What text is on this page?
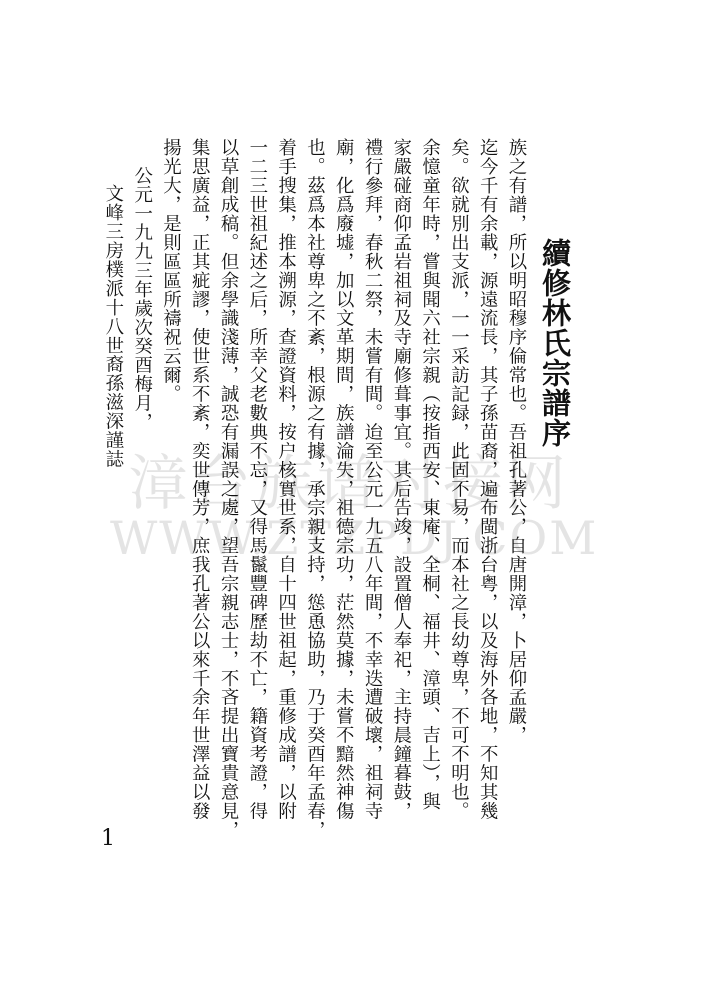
漳台族谱对接网
WWW.ZTZPDJ.COM
續修林氏宗譜序
族之有譜，所以明昭穆序倫常也。吾祖孔著公，自唐開漳，卜居仰孟嚴，
迄今千有余載，源遠流長，其子孫苗裔，遍布閩浙台粤，以及海外各地，不知其幾
矣。欲就別出支派，一一采訪記録，此固不易，而本社之長幼尊卑，不可不明也。
余憶童年時，嘗與聞六社宗親（按指西安、東庵、全桐、福井、漳頭、吉上），與
家嚴碰商仰孟岩祖祠及寺廟修葺事宜。其后告竣，設置僧人奉祀，主持晨鐘暮鼓，
禮行參拜，春秋二祭，未嘗有間。迨至公元一九五八年間，不幸迭遭破壞，祖祠寺
廟，化爲廢墟，加以文革期間，族譜淪失，祖德宗功，茫然莫據，未嘗不黯然神傷
也。茲爲本社尊卑之不紊，根源之有據，承宗親支持，慫恿協助，乃于癸酉年孟春，
着手搜集，推本溯源，查證資料，按户核實世系，自十四世祖起，重修成譜，以附
一二三世祖紀述之后，所幸父老數典不忘，又得馬鬣豐碑歷劫不亡，籍資考證，得
以草創成稿。但余學識淺薄，誠恐有漏誤之處，望吾宗親志士，不吝提出寶貴意見，
集思廣益，正其疵謬，使世系不紊，奕世傳芳，庶我孔著公以來千余年世澤益以發
揚光大，是則區區所禱祝云爾。
公元一九九三年歲次癸酉梅月，
文峰三房樸派十八世裔孫滋深謹誌
1
